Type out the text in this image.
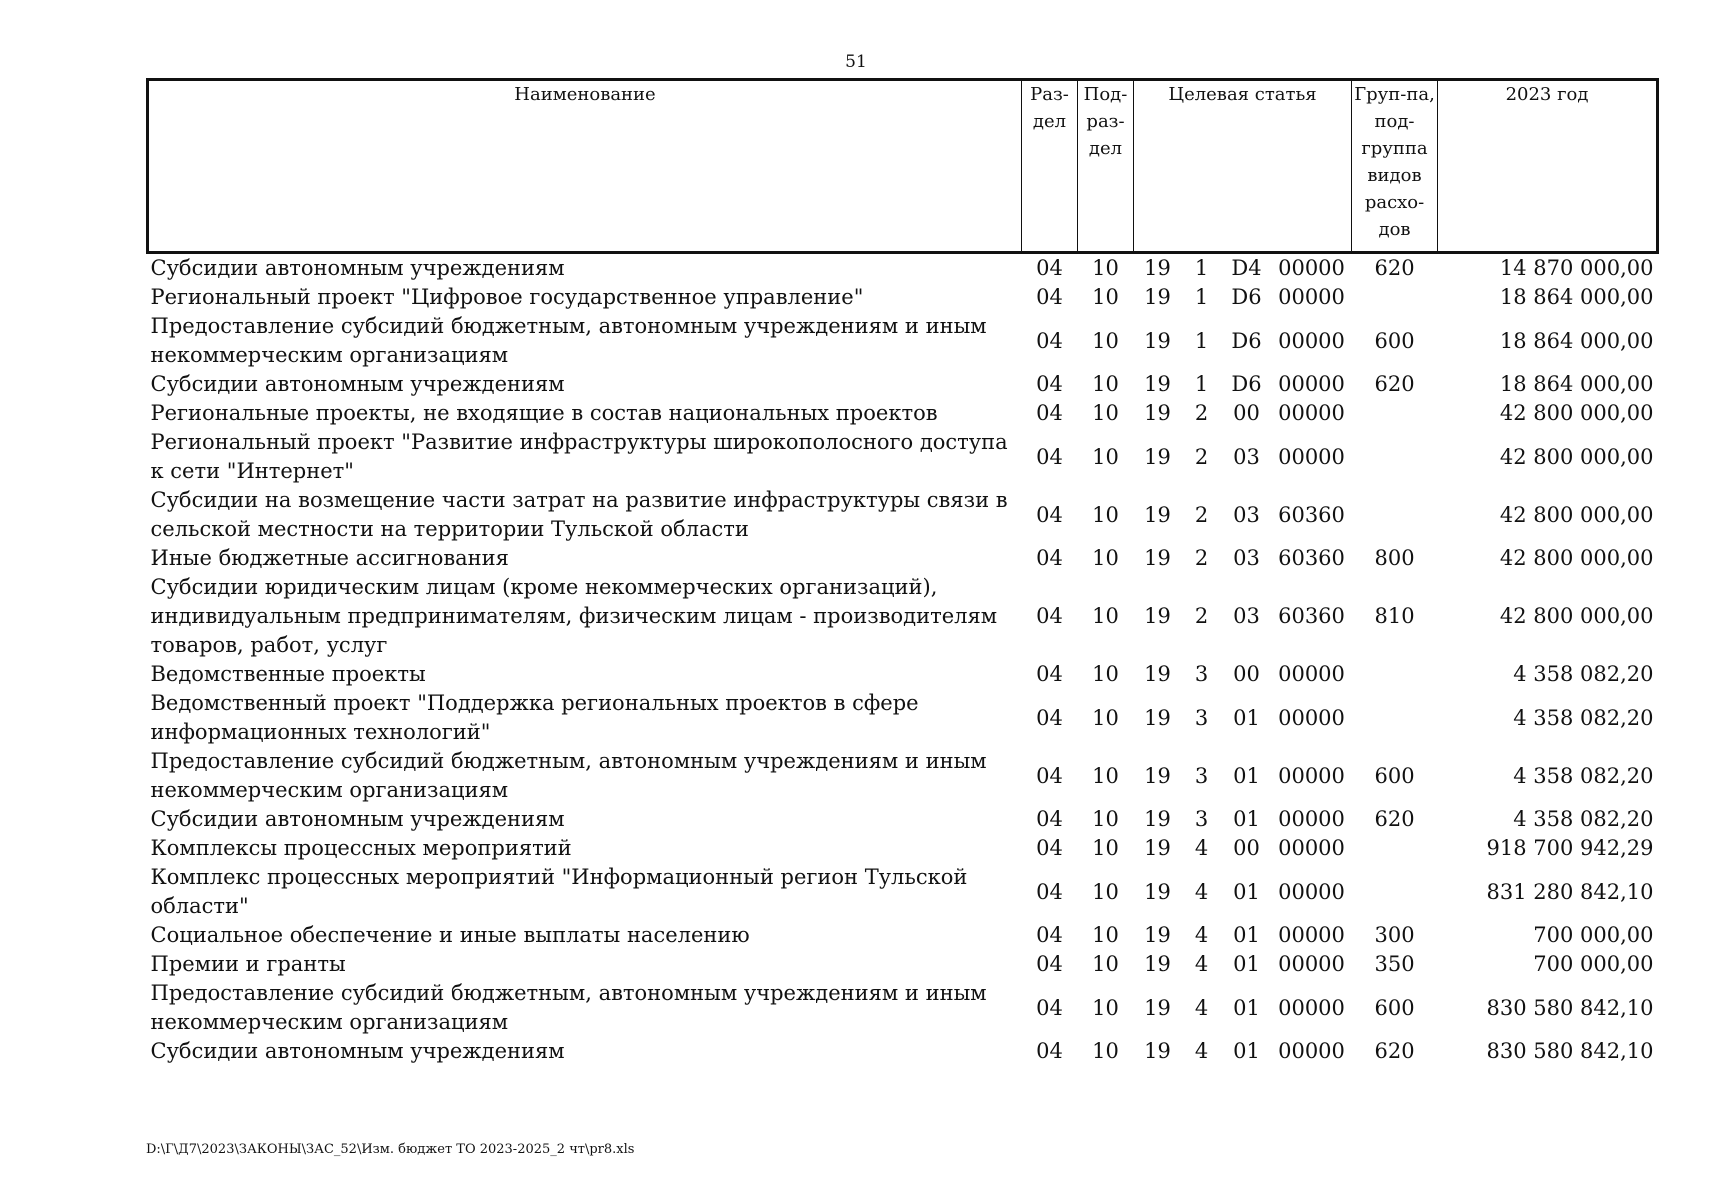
51
Наименование	Раз-дел	Под-раз-дел	Целевая статья				Груп-па, под-группа видов расхо-дов	2023 год
Субсидии автономным учреждениям	04	10	19	1	D4	00000	620	14 870 000,00
Региональный проект "Цифровое государственное управление"	04	10	19	1	D6	00000		18 864 000,00
Предоставление субсидий бюджетным, автономным учреждениям и иным некоммерческим организациям	04	10	19	1	D6	00000	600	18 864 000,00
Субсидии автономным учреждениям	04	10	19	1	D6	00000	620	18 864 000,00
Региональные проекты, не входящие в состав национальных проектов	04	10	19	2	00	00000		42 800 000,00
Региональный проект "Развитие инфраструктуры широкополосного доступа к сети "Интернет"	04	10	19	2	03	00000		42 800 000,00
Субсидии на возмещение части затрат на развитие инфраструктуры связи в сельской местности на территории Тульской области	04	10	19	2	03	60360		42 800 000,00
Иные бюджетные ассигнования	04	10	19	2	03	60360	800	42 800 000,00
Субсидии юридическим лицам (кроме некоммерческих организаций), индивидуальным предпринимателям, физическим лицам - производителям товаров, работ, услуг	04	10	19	2	03	60360	810	42 800 000,00
Ведомственные проекты	04	10	19	3	00	00000		4 358 082,20
Ведомственный проект "Поддержка региональных проектов в сфере информационных технологий"	04	10	19	3	01	00000		4 358 082,20
Предоставление субсидий бюджетным, автономным учреждениям и иным некоммерческим организациям	04	10	19	3	01	00000	600	4 358 082,20
Субсидии автономным учреждениям	04	10	19	3	01	00000	620	4 358 082,20
Комплексы процессных мероприятий	04	10	19	4	00	00000		918 700 942,29
Комплекс процессных мероприятий "Информационный регион Тульской области"	04	10	19	4	01	00000		831 280 842,10
Социальное обеспечение и иные выплаты населению	04	10	19	4	01	00000	300	700 000,00
Премии и гранты	04	10	19	4	01	00000	350	700 000,00
Предоставление субсидий бюджетным, автономным учреждениям и иным некоммерческим организациям	04	10	19	4	01	00000	600	830 580 842,10
Субсидии автономным учреждениям	04	10	19	4	01	00000	620	830 580 842,10
D:\Г\Д7\2023\ЗАКОНЫ\ЗАС_52\Изм. бюджет ТО 2023-2025_2 чт\pr8.xls
